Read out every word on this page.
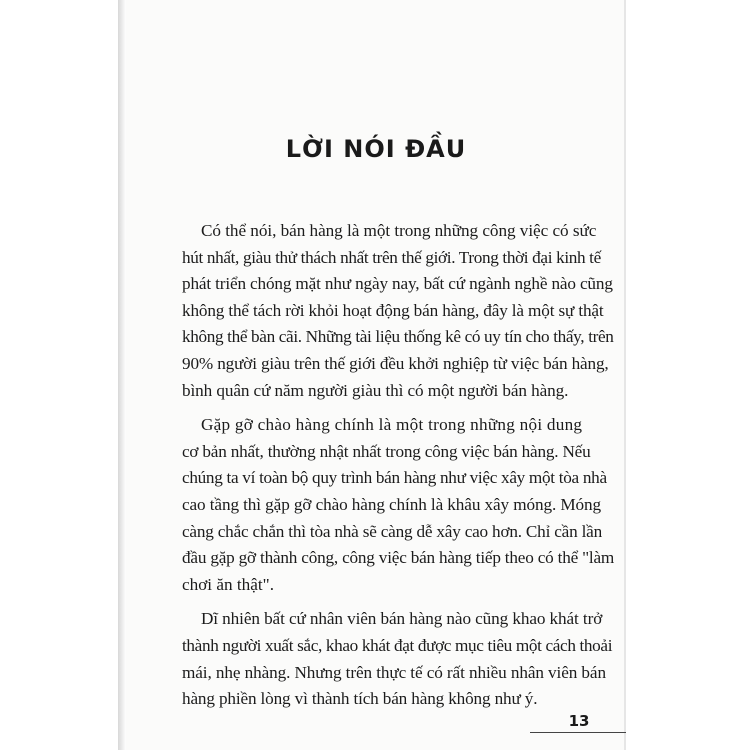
LỜI NÓI ĐẦU

Có thể nói, bán hàng là một trong những công việc có sức
hút nhất, giàu thử thách nhất trên thế giới. Trong thời đại kinh tế
phát triển chóng mặt như ngày nay, bất cứ ngành nghề nào cũng
không thể tách rời khỏi hoạt động bán hàng, đây là một sự thật
không thể bàn cãi. Những tài liệu thống kê có uy tín cho thấy, trên
90% người giàu trên thế giới đều khởi nghiệp từ việc bán hàng,
bình quân cứ năm người giàu thì có một người bán hàng.

Gặp gỡ chào hàng chính là một trong những nội dung
cơ bản nhất, thường nhật nhất trong công việc bán hàng. Nếu
chúng ta ví toàn bộ quy trình bán hàng như việc xây một tòa nhà
cao tầng thì gặp gỡ chào hàng chính là khâu xây móng. Móng
càng chắc chắn thì tòa nhà sẽ càng dễ xây cao hơn. Chỉ cần lần
đầu gặp gỡ thành công, công việc bán hàng tiếp theo có thể "làm
chơi ăn thật".

Dĩ nhiên bất cứ nhân viên bán hàng nào cũng khao khát trở
thành người xuất sắc, khao khát đạt được mục tiêu một cách thoải
mái, nhẹ nhàng. Nhưng trên thực tế có rất nhiều nhân viên bán
hàng phiền lòng vì thành tích bán hàng không như ý.

13
